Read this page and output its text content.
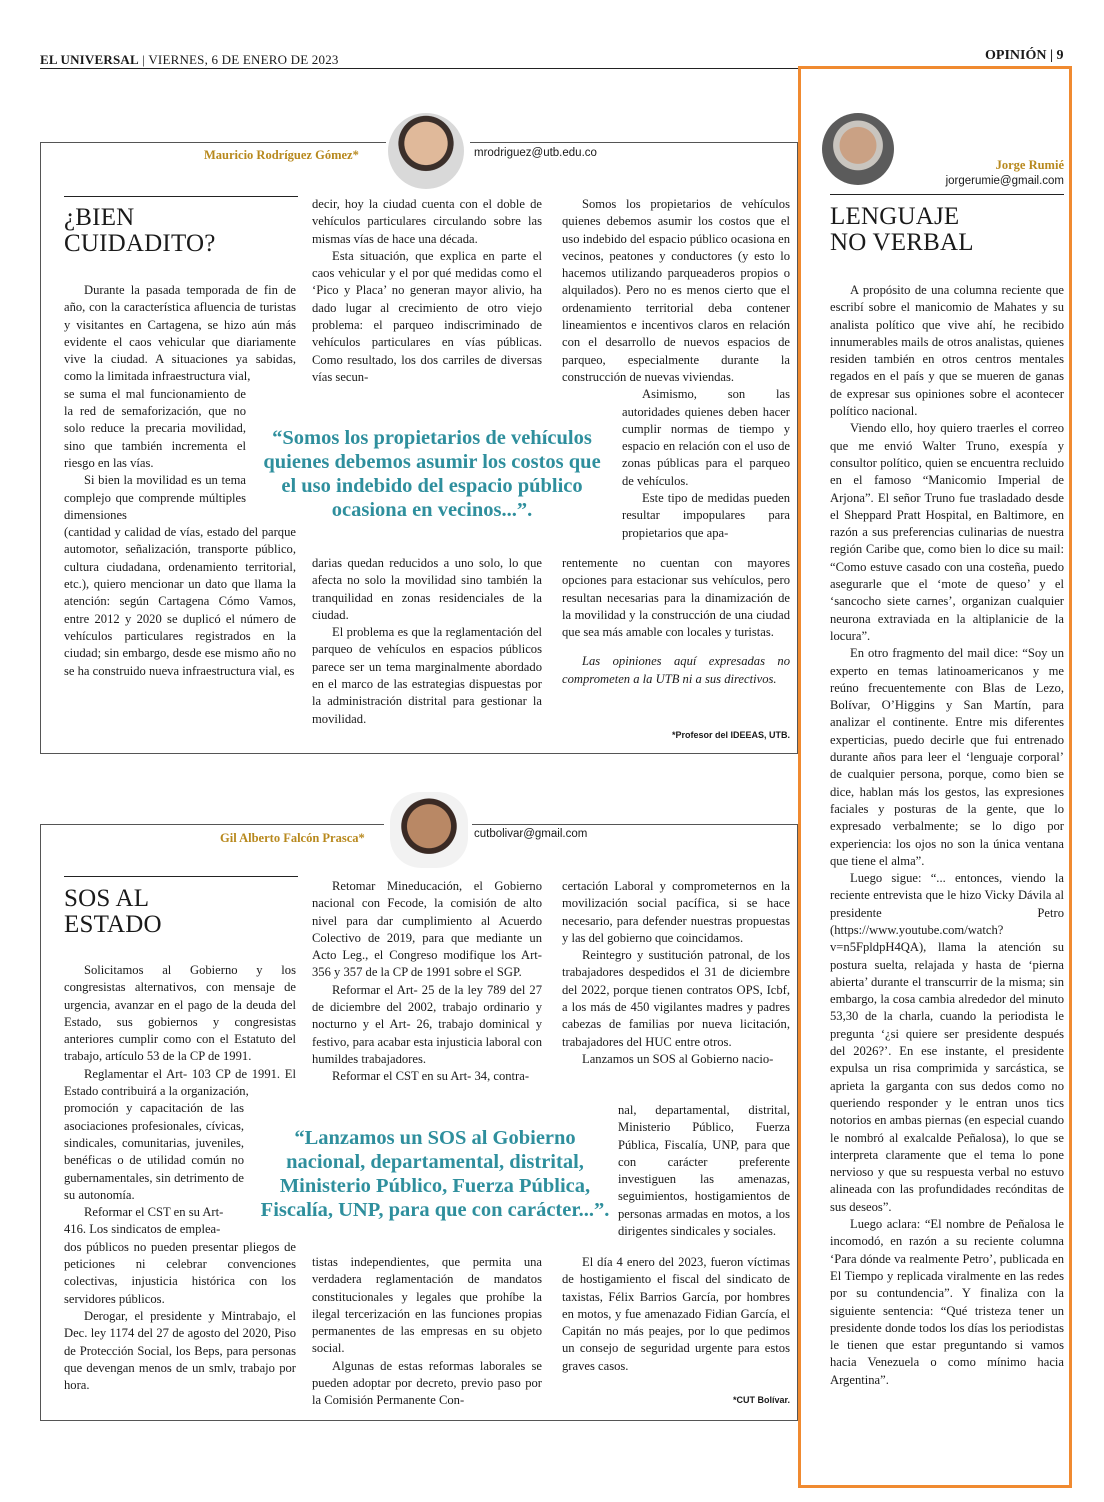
EL UNIVERSAL | VIERNES, 6 DE ENERO DE 2023	OPINIÓN | 9
Mauricio Rodríguez Gómez*	mrodriguez@utb.edu.co
¿BIEN
CUIDADITO?

Durante la pasada temporada de fin de año, con la característica afluencia de turistas y visitantes en Cartagena, se hizo aún más evidente el caos vehicular que diariamente vive la ciudad. A situaciones ya sabidas, como la limitada infraestructura vial,

se suma el mal funcionamiento de la red de semaforización, que no solo reduce la precaria movilidad, sino que también incrementa el riesgo en las vías.

Si bien la movilidad es un tema complejo que comprende múltiples dimensiones

(cantidad y calidad de vías, estado del parque automotor, señalización, transporte público, cultura ciudadana, ordenamiento territorial, etc.), quiero mencionar un dato que llama la atención: según Cartagena Cómo Vamos, entre 2012 y 2020 se duplicó el número de vehículos particulares registrados en la ciudad; sin embargo, desde ese mismo año no se ha construido nueva infraestructura vial, es

decir, hoy la ciudad cuenta con el doble de vehículos particulares circulando sobre las mismas vías de hace una década.

Esta situación, que explica en parte el caos vehicular y el por qué medidas como el ‘Pico y Placa’ no generan mayor alivio, ha dado lugar al crecimiento de otro viejo problema: el parqueo indiscriminado de vehículos particulares en vías públicas. Como resultado, los dos carriles de diversas vías secun-

darias quedan reducidos a uno solo, lo que afecta no solo la movilidad sino también la tranquilidad en zonas residenciales de la ciudad.

El problema es que la reglamentación del parqueo de vehículos en espacios públicos parece ser un tema marginalmente abordado en el marco de las estrategias dispuestas por la administración distrital para gestionar la movilidad.

Somos los propietarios de vehículos quienes debemos asumir los costos que el uso indebido del espacio público ocasiona en vecinos, peatones y conductores (y esto lo hacemos utilizando parqueaderos propios o alquilados). Pero no es menos cierto que el ordenamiento territorial deba contener lineamientos e incentivos claros en relación con el desarrollo de nuevos espacios de parqueo, especialmente durante la construcción de nuevas viviendas.

Asimismo, son las autoridades quienes deben hacer cumplir normas de tiempo y espacio en relación con el uso de zonas públicas para el parqueo de vehículos.

Este tipo de medidas pueden resultar impopulares para propietarios que apa-

rentemente no cuentan con mayores opciones para estacionar sus vehículos, pero resultan necesarias para la dinamización de la movilidad y la construcción de una ciudad que sea más amable con locales y turistas.

Las opiniones aquí expresadas no comprometen a la UTB ni a sus directivos.

“Somos los propietarios de vehículos quienes debemos asumir los costos que el uso indebido del espacio público ocasiona en vecinos...”.
*Profesor del IDEEAS, UTB.
Gil Alberto Falcón Prasca*	cutbolivar@gmail.com
SOS AL
ESTADO

Solicitamos al Gobierno y los congresistas alternativos, con mensaje de urgencia, avanzar en el pago de la deuda del Estado, sus gobiernos y congresistas anteriores cumplir como con el Estatuto del trabajo, artículo 53 de la CP de 1991.

Reglamentar el Art- 103 CP de 1991. El Estado contribuirá a la organización,

promoción y capacitación de las asociaciones profesionales, cívicas, sindicales, comunitarias, juveniles, benéficas o de utilidad común no gubernamentales, sin detrimento de su autonomía.

Reformar el CST en su Art-

416. Los sindicatos de emplea-

dos públicos no pueden presentar pliegos de peticiones ni celebrar convenciones colectivas, injusticia histórica con los servidores públicos.

Derogar, el presidente y Mintrabajo, el Dec. ley 1174 del 27 de agosto del 2020, Piso de Protección Social, los Beps, para personas que devengan menos de un smlv, trabajo por hora.

Retomar Mineducación, el Gobierno nacional con Fecode, la comisión de alto nivel para dar cumplimiento al Acuerdo Colectivo de 2019, para que mediante un Acto Leg., el Congreso modifique los Art- 356 y 357 de la CP de 1991 sobre el SGP.

Reformar el Art- 25 de la ley 789 del 27 de diciembre del 2002, trabajo ordinario y nocturno y el Art- 26, trabajo dominical y festivo, para acabar esta injusticia laboral con humildes trabajadores.

Reformar el CST en su Art- 34, contra-

tistas independientes, que permita una verdadera reglamentación de mandatos constitucionales y legales que prohíbe la ilegal tercerización en las funciones propias permanentes de las empresas en su objeto social.

Algunas de estas reformas laborales se pueden adoptar por decreto, previo paso por la Comisión Permanente Con-

certación Laboral y comprometernos en la movilización social pacífica, si se hace necesario, para defender nuestras propuestas y las del gobierno que coincidamos.

Reintegro y sustitución patronal, de los trabajadores despedidos el 31 de diciembre del 2022, porque tienen contratos OPS, Icbf, a los más de 450 vigilantes madres y padres cabezas de familias por nueva licitación, trabajadores del HUC entre otros.

Lanzamos un SOS al Gobierno nacio-

nal, departamental, distrital, Ministerio Público, Fuerza Pública, Fiscalía, UNP, para que con carácter preferente investiguen las amenazas, seguimientos, hostigamientos de personas armadas en motos, a los dirigentes sindicales y sociales.

El día 4 enero del 2023, fueron víctimas de hostigamiento el fiscal del sindicato de taxistas, Félix Barrios García, por hombres en motos, y fue amenazado Fidian García, el Capitán no más peajes, por lo que pedimos un consejo de seguridad urgente para estos graves casos.

“Lanzamos un SOS al Gobierno nacional, departamental, distrital, Ministerio Público, Fuerza Pública, Fiscalía, UNP, para que con carácter...”.
*CUT Bolívar.
Jorge Rumié
jorgerumie@gmail.com
LENGUAJE
NO VERBAL

A propósito de una columna reciente que escribí sobre el manicomio de Mahates y su analista político que vive ahí, he recibido innumerables mails de otros analistas, quienes residen también en otros centros mentales regados en el país y que se mueren de ganas de expresar sus opiniones sobre el acontecer político nacional.

Viendo ello, hoy quiero traerles el correo que me envió Walter Truno, exespía y consultor político, quien se encuentra recluido en el famoso “Manicomio Imperial de Arjona”. El señor Truno fue trasladado desde el Sheppard Pratt Hospital, en Baltimore, en razón a sus preferencias culinarias de nuestra región Caribe que, como bien lo dice su mail: “Como estuve casado con una costeña, puedo asegurarle que el ‘mote de queso’ y el ‘sancocho siete carnes’, organizan cualquier neurona extraviada en la altiplanicie de la locura”.

En otro fragmento del mail dice: “Soy un experto en temas latinoamericanos y me reúno frecuentemente con Blas de Lezo, Bolívar, O’Higgins y San Martín, para analizar el continente. Entre mis diferentes experticias, puedo decirle que fui entrenado durante años para leer el ‘lenguaje corporal’ de cualquier persona, porque, como bien se dice, hablan más los gestos, las expresiones faciales y posturas de la gente, que lo expresado verbalmente; se lo digo por experiencia: los ojos no son la única ventana que tiene el alma”.

Luego sigue: “... entonces, viendo la reciente entrevista que le hizo Vicky Dávila al presidente Petro (https://www.youtube.com/watch?v=n5FpldpH4QA), llama la atención su postura suelta, relajada y hasta de ‘pierna abierta’ durante el transcurrir de la misma; sin embargo, la cosa cambia alrededor del minuto 53,30 de la charla, cuando la periodista le pregunta ‘¿si quiere ser presidente después del 2026?’. En ese instante, el presidente expulsa un risa comprimida y sarcástica, se aprieta la garganta con sus dedos como no queriendo responder y le entran unos tics notorios en ambas piernas (en especial cuando le nombró al exalcalde Peñalosa), lo que se interpreta claramente que el tema lo pone nervioso y que su respuesta verbal no estuvo alineada con las profundidades recónditas de sus deseos”.

Luego aclara: “El nombre de Peñalosa le incomodó, en razón a su reciente columna ‘Para dónde va realmente Petro’, publicada en El Tiempo y replicada viralmente en las redes por su contundencia”. Y finaliza con la siguiente sentencia: “Qué tristeza tener un presidente donde todos los días los periodistas le tienen que estar preguntando si vamos hacia Venezuela o como mínimo hacia Argentina”.
